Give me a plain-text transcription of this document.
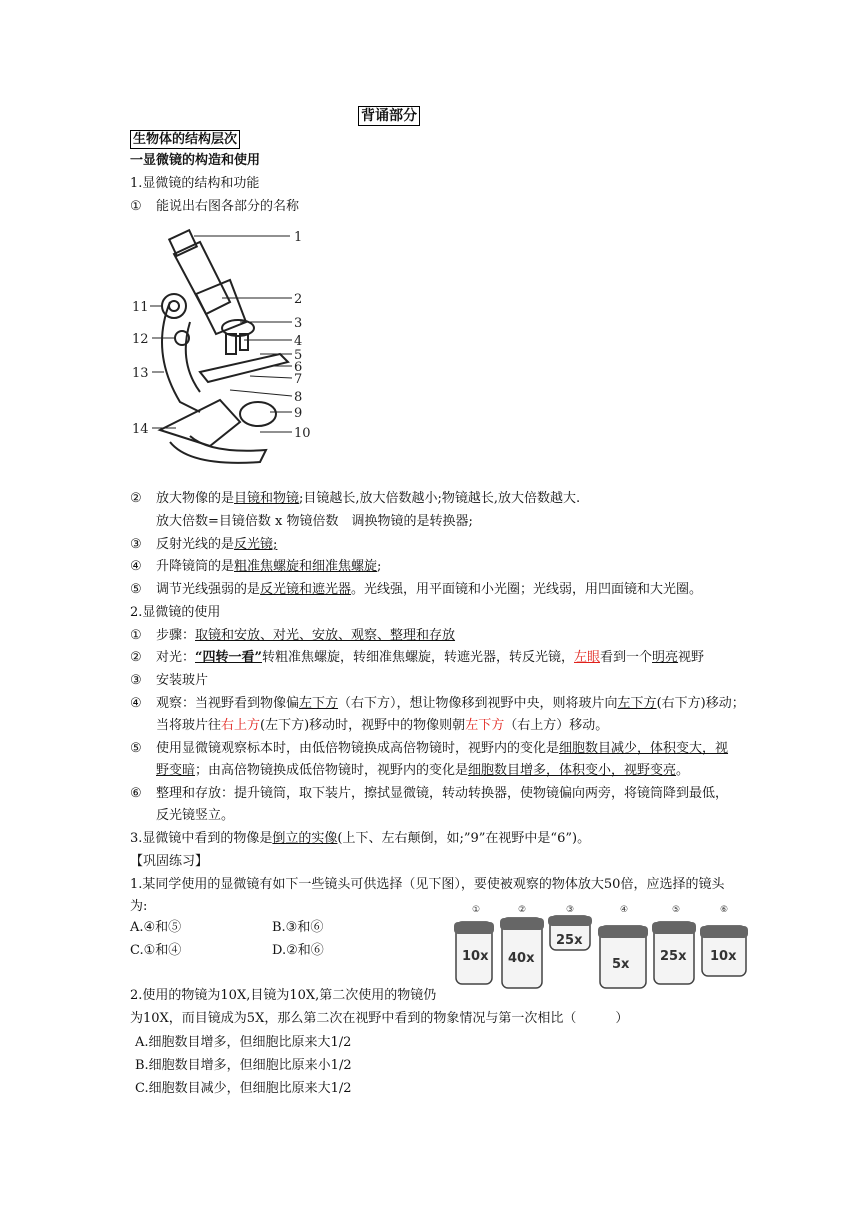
背诵部分
生物体的结构层次
一显微镜的构造和使用
1.显微镜的结构和功能
① 能说出右图各部分的名称
1
2
3
4
5
6
7
8
9
10
11
12
13
14
② 放大物像的是目镜和物镜;目镜越长,放大倍数越小;物镜越长,放大倍数越大.
放大倍数=目镜倍数 x 物镜倍数　调换物镜的是转换器;
③ 反射光线的是反光镜;
④ 升降镜筒的是粗准焦螺旋和细准焦螺旋;
⑤ 调节光线强弱的是反光镜和遮光器。光线强，用平面镜和小光圈；光线弱，用凹面镜和大光圈。
2.显微镜的使用
① 步骤：取镜和安放、对光、安放、观察、整理和存放
② 对光：“四转一看”转粗准焦螺旋，转细准焦螺旋，转遮光器，转反光镜，左眼看到一个明亮视野
③ 安装玻片
④ 观察：当视野看到物像偏左下方（右下方），想让物像移到视野中央，则将玻片向左下方(右下方)移动；
当将玻片往右上方(左下方)移动时，视野中的物像则朝左下方（右上方）移动。
⑤ 使用显微镜观察标本时，由低倍物镜换成高倍物镜时，视野内的变化是细胞数目减少，体积变大，视
野变暗；由高倍物镜换成低倍物镜时，视野内的变化是细胞数目增多，体积变小，视野变亮。
⑥ 整理和存放：提升镜筒，取下装片，擦拭显微镜，转动转换器，使物镜偏向两旁，将镜筒降到最低，
反光镜竖立。
3.显微镜中看到的物像是倒立的实像(上下、左右颠倒，如;”9”在视野中是“6”)。
【巩固练习】
1.某同学使用的显微镜有如下一些镜头可供选择（见下图），要使被观察的物体放大50倍，应选择的镜头
为:
A.④和⑤	B.③和⑥
C.①和④	D.②和⑥
①
10x
②
40x
③
25x
④
5x
⑤
25x
⑥
10x
2.使用的物镜为10X,目镜为10X,第二次使用的物镜仍
为10X，而目镜成为5X，那么第二次在视野中看到的物象情况与第一次相比（　　　）
A.细胞数目增多，但细胞比原来大1/2
B.细胞数目增多，但细胞比原来小1/2
C.细胞数目减少，但细胞比原来大1/2
